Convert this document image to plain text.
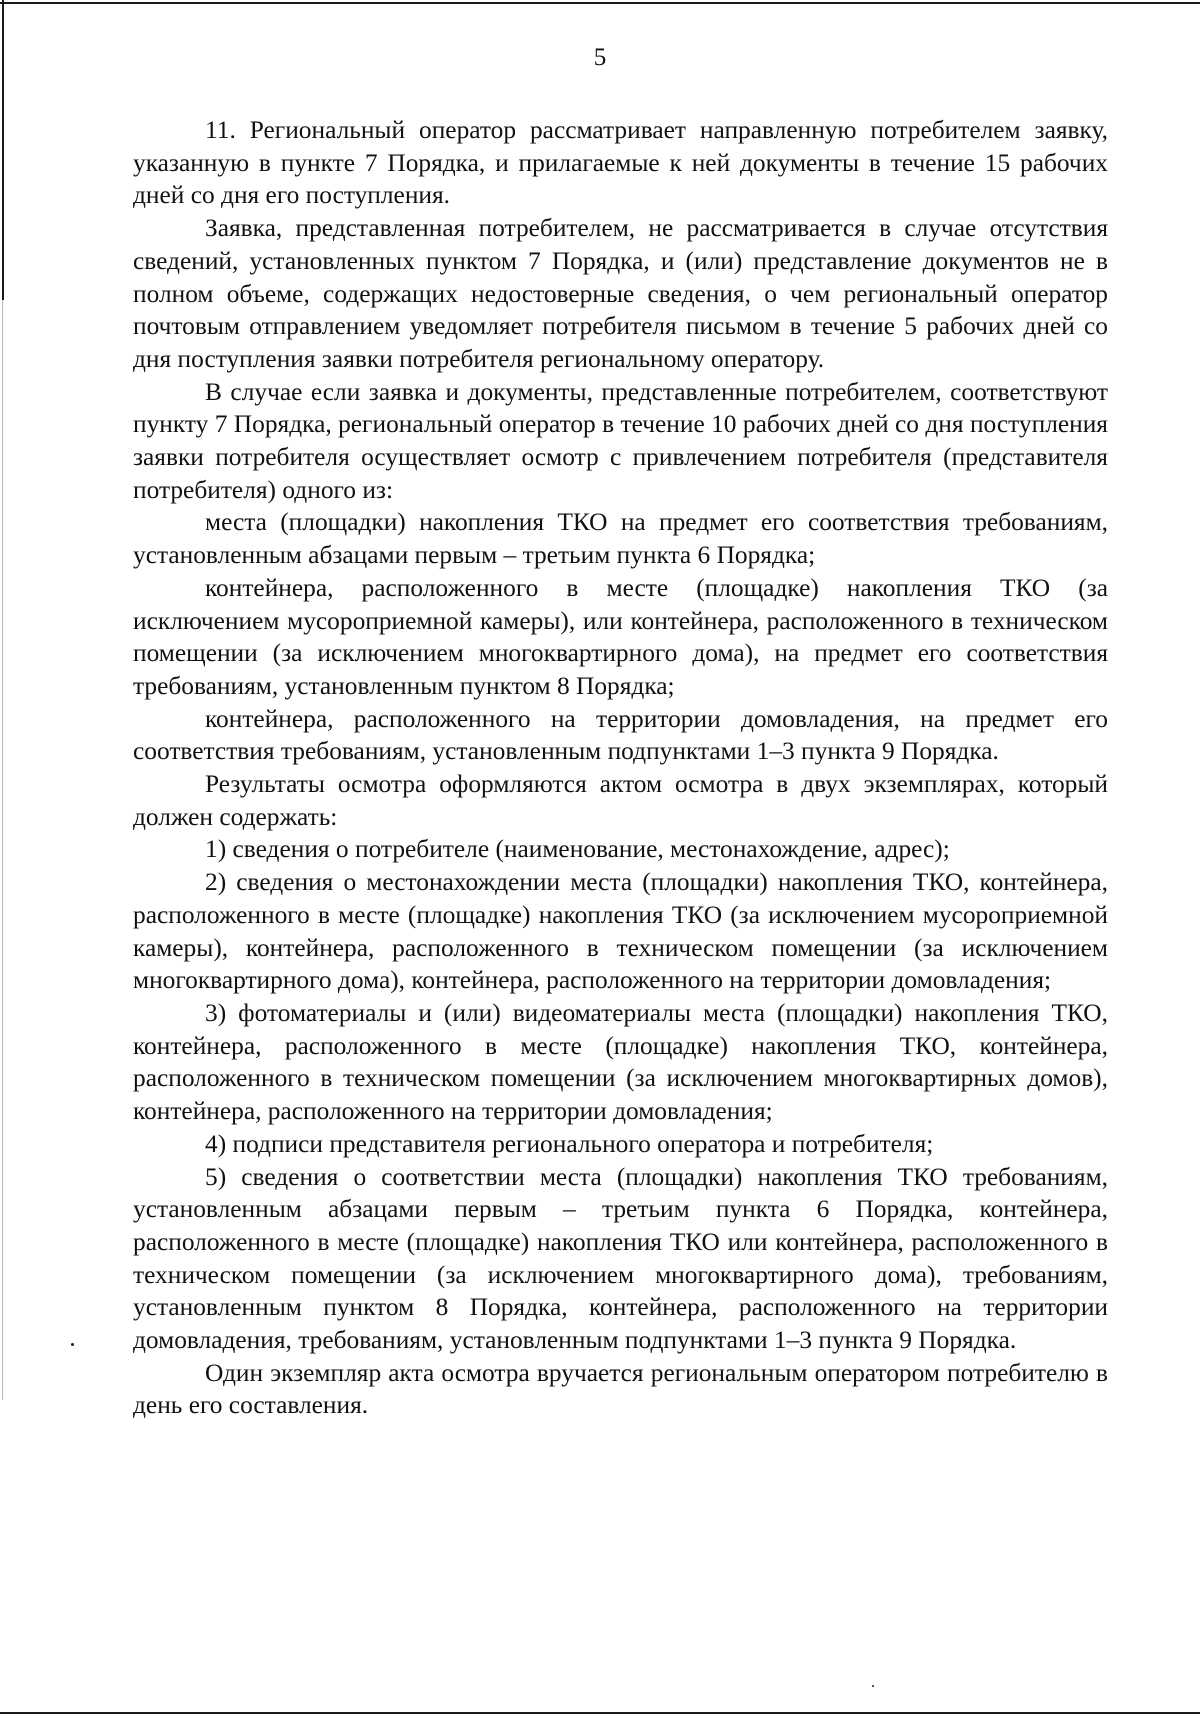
5

11. Региональный оператор рассматривает направленную потребителем заявку, указанную в пункте 7 Порядка, и прилагаемые к ней документы в течение 15 рабочих дней со дня его поступления.

Заявка, представленная потребителем, не рассматривается в случае отсутствия сведений, установленных пунктом 7 Порядка, и (или) представление документов не в полном объеме, содержащих недостоверные сведения, о чем региональный оператор почтовым отправлением уведомляет потребителя письмом в течение 5 рабочих дней со дня поступления заявки потребителя региональному оператору.

В случае если заявка и документы, представленные потребителем, соответствуют пункту 7 Порядка, региональный оператор в течение 10 рабочих дней со дня поступления заявки потребителя осуществляет осмотр с привлечением потребителя (представителя потребителя) одного из:

места (площадки) накопления ТКО на предмет его соответствия требованиям, установленным абзацами первым – третьим пункта 6 Порядка;

контейнера, расположенного в месте (площадке) накопления ТКО (за исключением мусороприемной камеры), или контейнера, расположенного в техническом помещении (за исключением многоквартирного дома), на предмет его соответствия требованиям, установленным пунктом 8 Порядка;

контейнера, расположенного на территории домовладения, на предмет его соответствия требованиям, установленным подпунктами 1–3 пункта 9 Порядка.

Результаты осмотра оформляются актом осмотра в двух экземплярах, который должен содержать:

1) сведения о потребителе (наименование, местонахождение, адрес);

2) сведения о местонахождении места (площадки) накопления ТКО, контейнера, расположенного в месте (площадке) накопления ТКО (за исключением мусороприемной камеры), контейнера, расположенного в техническом помещении (за исключением многоквартирного дома), контейнера, расположенного на территории домовладения;

3) фотоматериалы и (или) видеоматериалы места (площадки) накопления ТКО, контейнера, расположенного в месте (площадке) накопления ТКО, контейнера, расположенного в техническом помещении (за исключением многоквартирных домов), контейнера, расположенного на территории домовладения;

4) подписи представителя регионального оператора и потребителя;

5) сведения о соответствии места (площадки) накопления ТКО требованиям, установленным абзацами первым – третьим пункта 6 Порядка, контейнера, расположенного в месте (площадке) накопления ТКО или контейнера, расположенного в техническом помещении (за исключением многоквартирного дома), требованиям, установленным пунктом 8 Порядка, контейнера, расположенного на территории домовладения, требованиям, установленным подпунктами 1–3 пункта 9 Порядка.

Один экземпляр акта осмотра вручается региональным оператором потребителю в день его составления.
